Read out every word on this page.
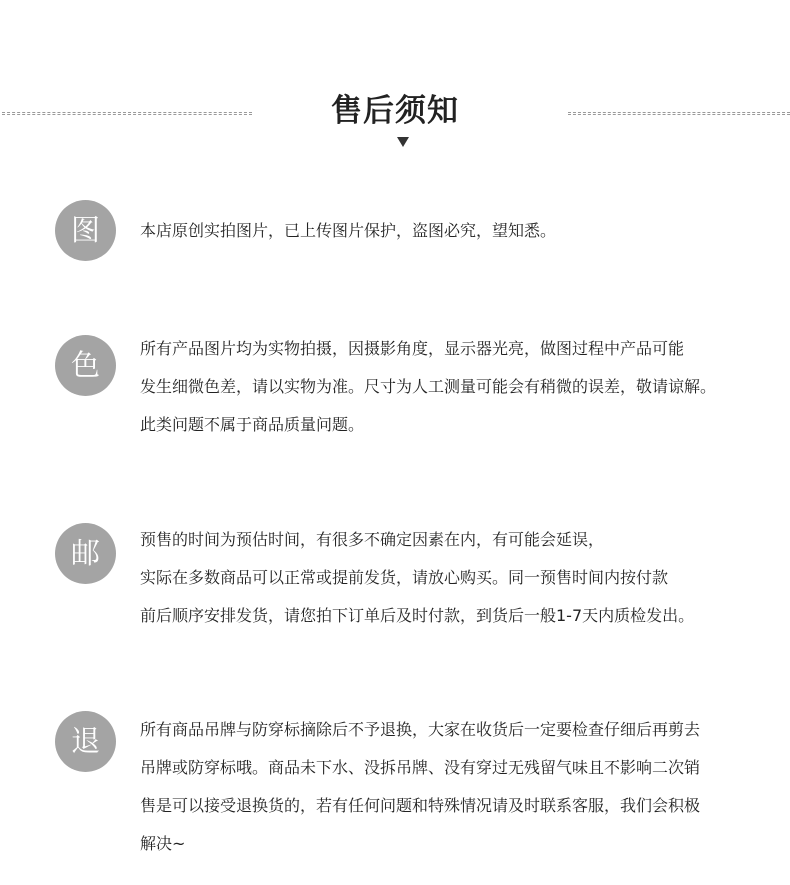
售后须知
图	本店原创实拍图片，已上传图片保护，盗图必究，望知悉。
色	所有产品图片均为实物拍摄，因摄影角度，显示器光亮，做图过程中产品可能
发生细微色差，请以实物为准。尺寸为人工测量可能会有稍微的误差，敬请谅解。
此类问题不属于商品质量问题。
邮	预售的时间为预估时间，有很多不确定因素在内，有可能会延误，
实际在多数商品可以正常或提前发货，请放心购买。同一预售时间内按付款
前后顺序安排发货，请您拍下订单后及时付款，到货后一般1-7天内质检发出。
退	所有商品吊牌与防穿标摘除后不予退换，大家在收货后一定要检查仔细后再剪去
吊牌或防穿标哦。商品未下水、没拆吊牌、没有穿过无残留气味且不影响二次销
售是可以接受退换货的，若有任何问题和特殊情况请及时联系客服，我们会积极
解决~
